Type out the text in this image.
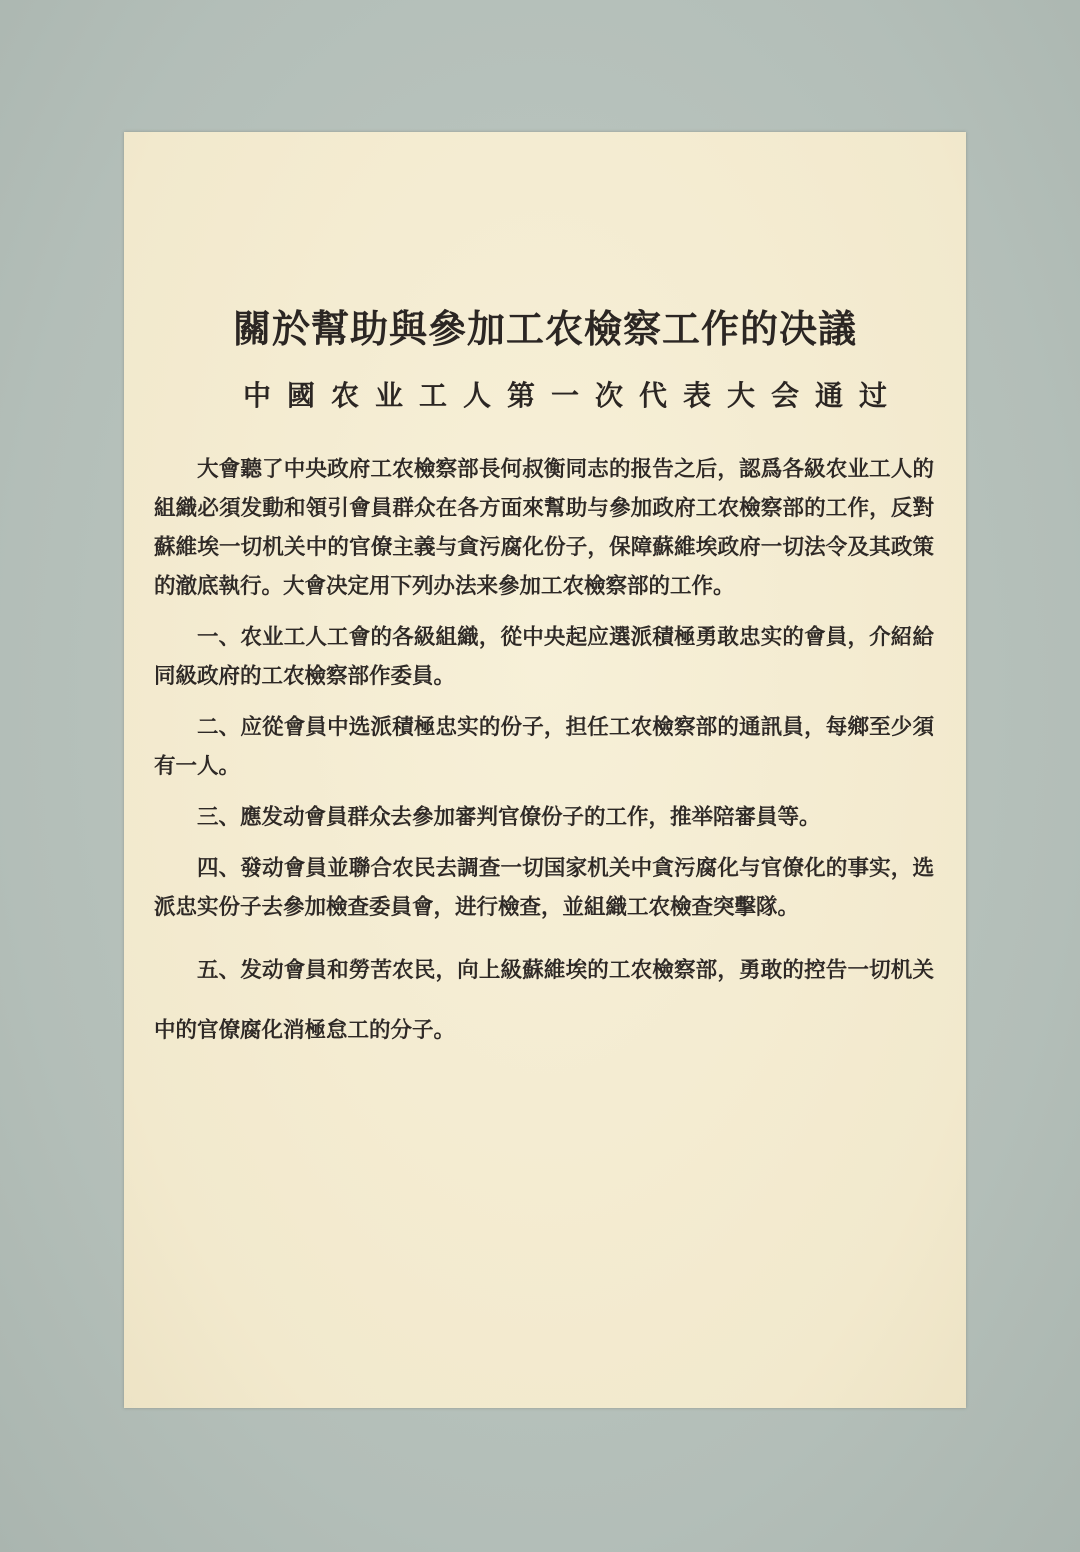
關於幫助與參加工农檢察工作的决議
中國农业工人第一次代表大会通过

大會聽了中央政府工农檢察部長何叔衡同志的报告之后，認爲各級农业工人的組織必須发動和領引會員群众在各方面來幫助与參加政府工农檢察部的工作，反對蘇維埃一切机关中的官僚主義与貪污腐化份子，保障蘇維埃政府一切法令及其政策的澈底執行。大會决定用下列办法来參加工农檢察部的工作。

一、农业工人工會的各級組織，從中央起应選派積極勇敢忠实的會員，介紹給同級政府的工农檢察部作委員。

二、应從會員中选派積極忠实的份子，担任工农檢察部的通訊員，每鄉至少須有一人。

三、應发动會員群众去參加審判官僚份子的工作，推举陪審員等。

四、發动會員並聯合农民去調查一切国家机关中貪污腐化与官僚化的事实，选派忠实份子去參加檢查委員會，进行檢查，並組織工农檢查突擊隊。

五、发动會員和勞苦农民，向上級蘇維埃的工农檢察部，勇敢的控告一切机关中的官僚腐化消極怠工的分子。
